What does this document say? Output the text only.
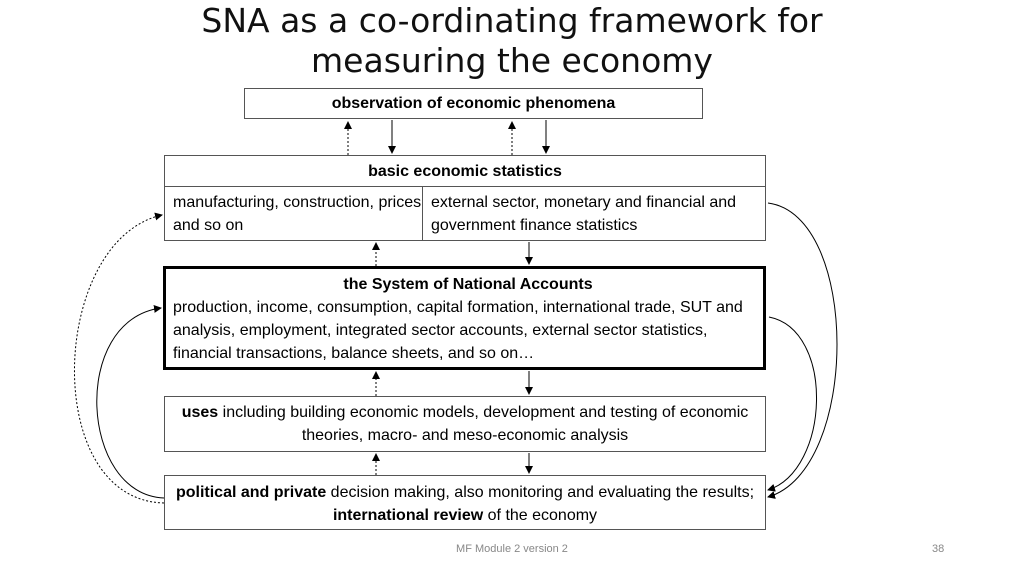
SNA as a co-ordinating framework for
measuring the economy
observation of economic phenomena
basic economic statistics
manufacturing, construction, prices and so on
external sector, monetary and financial and government finance statistics
the System of National Accounts
production, income, consumption, capital formation, international trade, SUT and analysis, employment, integrated sector accounts, external sector statistics, financial transactions, balance sheets, and so on…
uses including building economic models, development and testing of economic theories, macro- and meso-economic analysis
political and private decision making, also monitoring and evaluating the results; international review of the economy
MF Module 2 version 2	38
